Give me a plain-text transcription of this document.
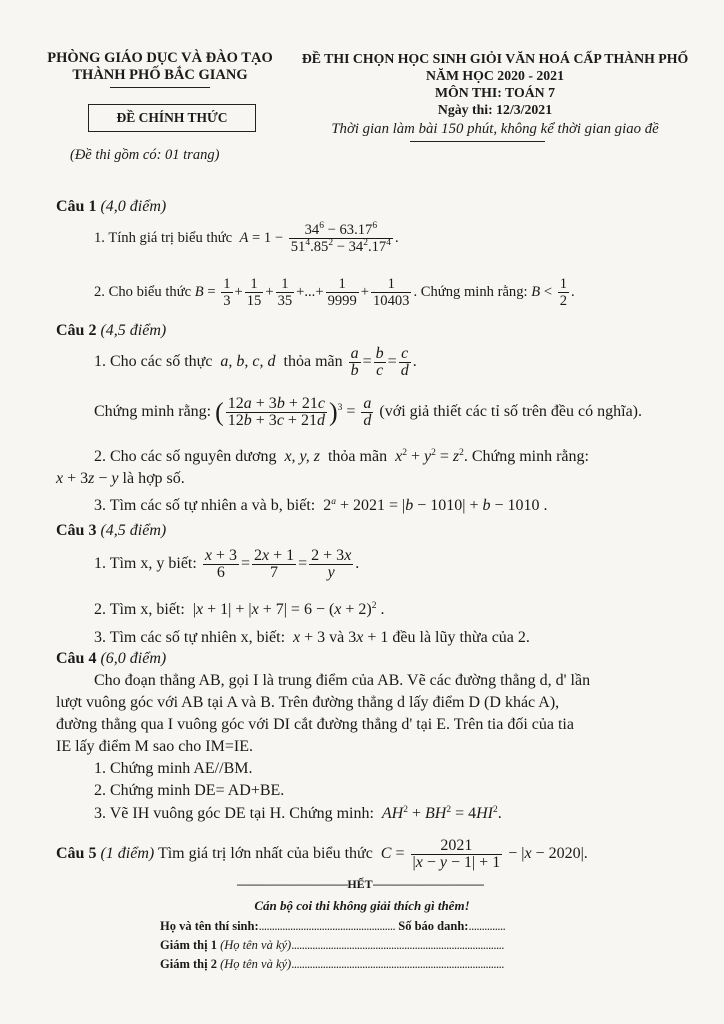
PHÒNG GIÁO DỤC VÀ ĐÀO TẠO
THÀNH PHỐ BẮC GIANG
ĐỀ CHÍNH THỨC
(Đề thi gồm có: 01 trang)
ĐỀ THI CHỌN HỌC SINH GIỎI VĂN HOÁ CẤP THÀNH PHỐ
NĂM HỌC 2020 - 2021
MÔN THI: TOÁN 7
Ngày thi: 12/3/2021
Thời gian làm bài 150 phút, không kể thời gian giao đề
Câu 1 (4,0 điểm)
1. Tính giá trị biểu thức  $A = 1 - \frac{34^6 - 63.17^6}{51^4.85^2 - 34^2.17^4}$ .
2. Cho biểu thức $B = \frac{1}{3} + \frac{1}{15} + \frac{1}{35}$ +...+ $\frac{1}{9999} + \frac{1}{10403}$ . Chứng minh rằng: $B < \frac{1}{2}$ .
Câu 2 (4,5 điểm)
1. Cho các số thực  a, b, c, d  thỏa mãn $\frac{a}{b} = \frac{b}{c} = \frac{c}{d}$ .
Chứng minh rằng: ( $\frac{12a + 3b + 21c}{12b + 3c + 21d} )^3 = \frac{a}{d}$ (với giả thiết các tỉ số trên đều có nghĩa).
2. Cho các số nguyên dương  x, y, z  thỏa mãn $x^2 + y^2 = z^2$. Chứng minh rằng:
x + 3z − y là hợp số.
3. Tìm các số tự nhiên a và b, biết:  $2^a + 2021 = |b - 1010| + b - 1010$ .
Câu 3 (4,5 điểm)
1. Tìm x, y biết: $\frac{x + 3}{6} = \frac{2x + 1}{7} = \frac{2 + 3x}{y}$ .
2. Tìm x, biết:  $|x + 1| + |x + 7| = 6 - (x + 2)^2$ .
3. Tìm các số tự nhiên x, biết: x + 3 và 3x + 1 đều là lũy thừa của 2.
Câu 4 (6,0 điểm)
Cho đoạn thẳng AB, gọi I là trung điểm của AB. Vẽ các đường thẳng d, d' lần
lượt vuông góc với AB tại A và B. Trên đường thẳng d lấy điểm D (D khác A),
đường thẳng qua I vuông góc với DI cắt đường thẳng d' tại E. Trên tia đối của tia
IE lấy điểm M sao cho IM=IE.
1. Chứng minh AE//BM.
2. Chứng minh DE= AD+BE.
3. Vẽ IH vuông góc DE tại H. Chứng minh: $AH^2 + BH^2 = 4HI^2$.
Câu 5 (1 điểm) Tìm giá trị lớn nhất của biểu thức $C = \frac{2021}{|x - y - 1| + 1} - |x - 2020|$.
-------------------------------------HẾT-------------------------------------
Cán bộ coi thi không giải thích gì thêm!
Họ và tên thí sinh:.................................................... Số báo danh:..............
Giám thị 1 (Họ tên và ký).................................................................................
Giám thị 2 (Họ tên và ký).................................................................................
